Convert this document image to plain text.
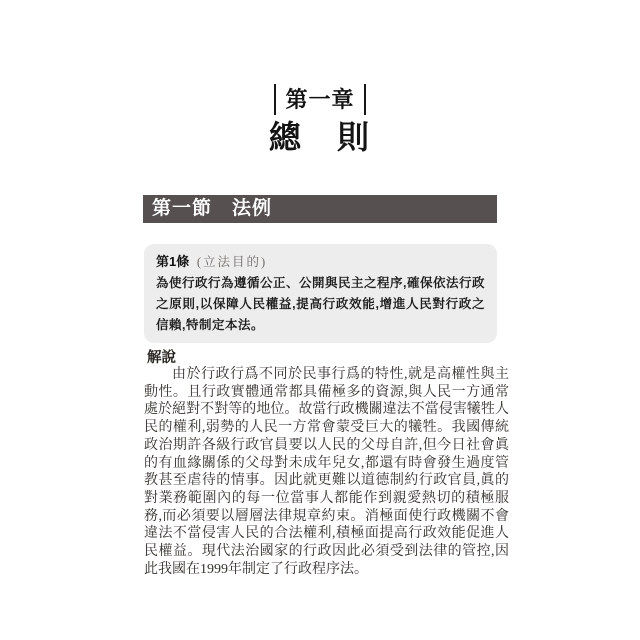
第一章
總　則
第一節　法例
第1條 (立法目的)

為使行政行為遵循公正、公開與民主之程序,確保依法行政之原則,以保障人民權益,提高行政效能,增進人民對行政之信賴,特制定本法。

解說

由於行政行爲不同於民事行爲的特性,就是高權性與主動性。且行政實體通常都具備極多的資源,與人民一方通常處於絕對不對等的地位。故當行政機關違法不當侵害犧牲人民的權利,弱勢的人民一方常會蒙受巨大的犧牲。我國傳統政治期許各級行政官員要以人民的父母自許,但今日社會眞的有血緣關係的父母對未成年兒女,都還有時會發生過度管教甚至虐待的情事。因此就更難以道德制約行政官員,眞的對業務範圍內的每一位當事人都能作到親愛熱切的積極服務,而必須要以層層法律規章約束。消極面使行政機關不會違法不當侵害人民的合法權利,積極面提高行政效能促進人民權益。現代法治國家的行政因此必須受到法律的管控,因此我國在1999年制定了行政程序法。
